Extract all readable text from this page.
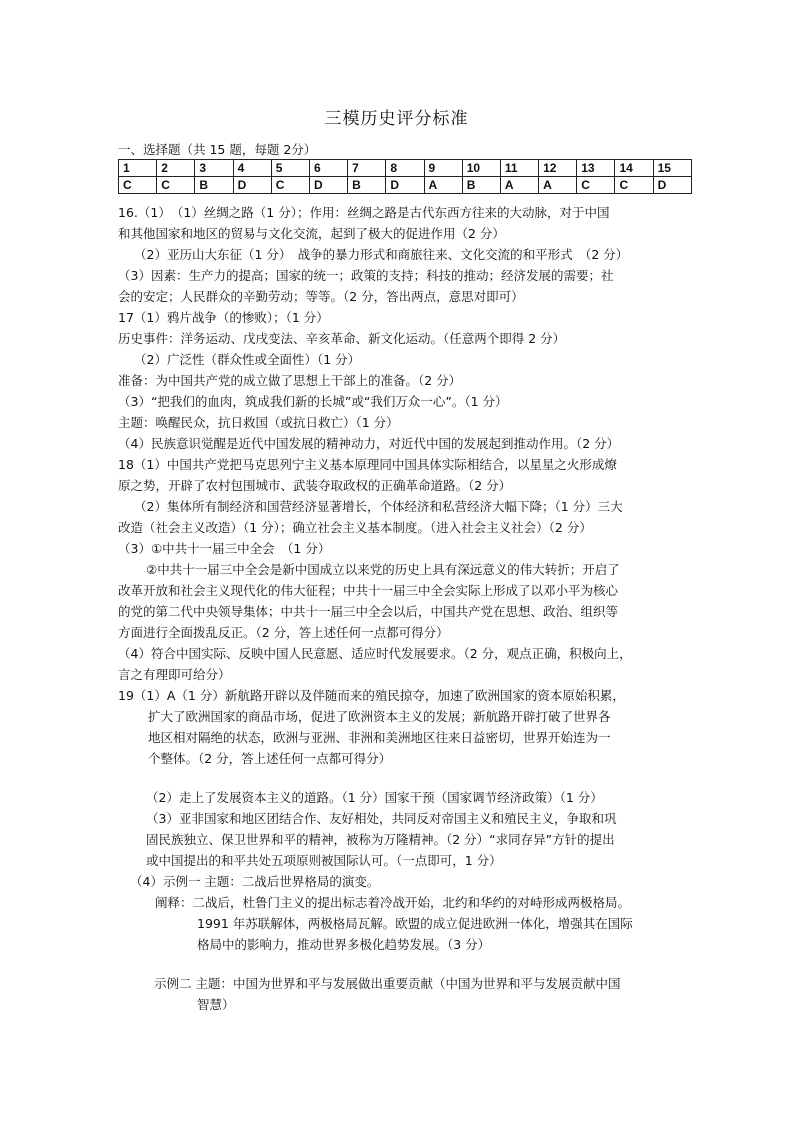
三模历史评分标准
一、选择题（共 15 题，每题 2分）
1	2	3	4	5	6	7	8	9	10	11	12	13	14	15
C	C	B	D	C	D	B	D	A	B	A	A	C	C	D
16.（1）　（1）丝绸之路（1 分）；作用：丝绸之路是古代东西方往来的大动脉，对于中国
和其他国家和地区的贸易与文化交流，起到了极大的促进作用（2 分）
（2）亚历山大东征（1 分）　战争的暴力形式和商旅往来、文化交流的和平形式　（2 分）
（3）因素：生产力的提高；国家的统一；政策的支持；科技的推动；经济发展的需要；社
会的安定；人民群众的辛勤劳动；等等。（2 分，答出两点，意思对即可）
17（1）鸦片战争（的惨败）；（1 分）
历史事件：洋务运动、戊戌变法、辛亥革命、新文化运动。（任意两个即得 2 分）
（2）广泛性（群众性或全面性）（1 分）
准备：为中国共产党的成立做了思想上干部上的准备。（2 分）
（3）“把我们的血肉，筑成我们新的长城”或“我们万众一心”。（1 分）
主题：唤醒民众，抗日救国（或抗日救亡）（1 分）
（4）民族意识觉醒是近代中国发展的精神动力，对近代中国的发展起到推动作用。（2 分）
18（1）中国共产党把马克思列宁主义基本原理同中国具体实际相结合，以星星之火形成燎
原之势，开辟了农村包围城市、武装夺取政权的正确革命道路。（2 分）
（2）集体所有制经济和国营经济显著增长，个体经济和私营经济大幅下降；（1 分）三大
改造（社会主义改造）（1 分）；确立社会主义基本制度。（进入社会主义社会）（2 分）
（3）①中共十一届三中全会　（1 分）
②中共十一届三中全会是新中国成立以来党的历史上具有深远意义的伟大转折；开启了
改革开放和社会主义现代化的伟大征程；中共十一届三中全会实际上形成了以邓小平为核心
的党的第二代中央领导集体；中共十一届三中全会以后，中国共产党在思想、政治、组织等
方面进行全面拨乱反正。（2 分，答上述任何一点都可得分）
（4）符合中国实际、反映中国人民意愿、适应时代发展要求。（2 分，观点正确，积极向上，
言之有理即可给分）
19（1）A（1 分）新航路开辟以及伴随而来的殖民掠夺，加速了欧洲国家的资本原始积累，
扩大了欧洲国家的商品市场，促进了欧洲资本主义的发展；新航路开辟打破了世界各
地区相对隔绝的状态，欧洲与亚洲、非洲和美洲地区往来日益密切，世界开始连为一
个整体。（2 分，答上述任何一点都可得分）
（2）走上了发展资本主义的道路。（1 分）国家干预（国家调节经济政策）（1 分）
（3）亚非国家和地区团结合作、友好相处，共同反对帝国主义和殖民主义，争取和巩
固民族独立、保卫世界和平的精神，被称为万隆精神。（2 分）“求同存异”方针的提出
或中国提出的和平共处五项原则被国际认可。（一点即可，1 分）
（4）示例一 主题：二战后世界格局的演变。
阐释：二战后，杜鲁门主义的提出标志着冷战开始，北约和华约的对峙形成两极格局。
1991 年苏联解体，两极格局瓦解。欧盟的成立促进欧洲一体化，增强其在国际
格局中的影响力，推动世界多极化趋势发展。（3 分）
示例二 主题：中国为世界和平与发展做出重要贡献（中国为世界和平与发展贡献中国
智慧）
